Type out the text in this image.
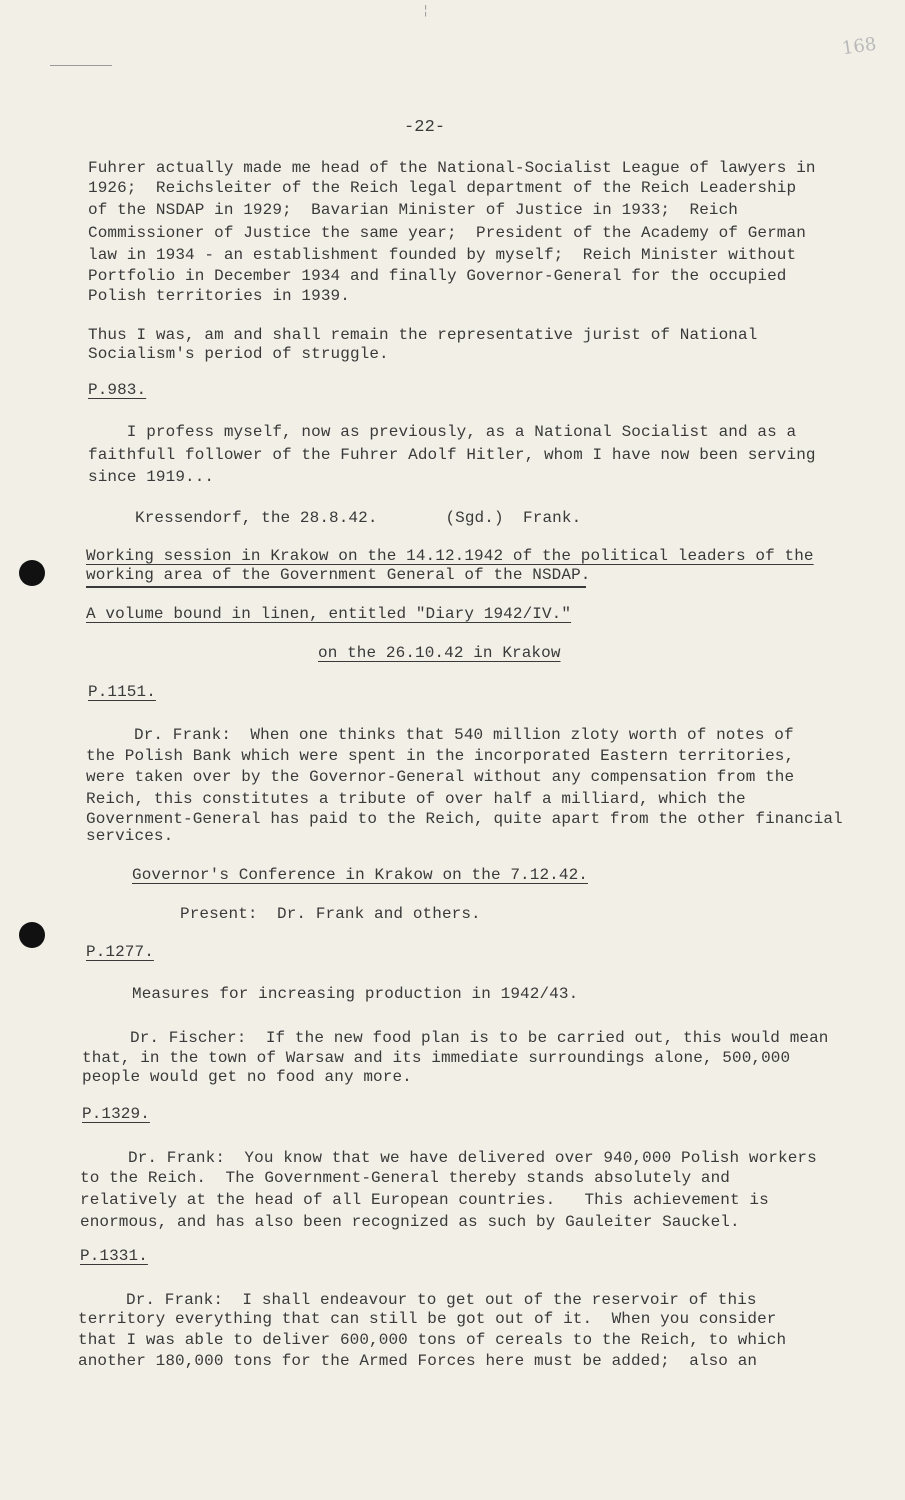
¦
168
-22-
Fuhrer actually made me head of the National-Socialist League of lawyers in
1926;  Reichsleiter of the Reich legal department of the Reich Leadership
of the NSDAP in 1929;  Bavarian Minister of Justice in 1933;  Reich
Commissioner of Justice the same year;  President of the Academy of German
law in 1934 - an establishment founded by myself;  Reich Minister without
Portfolio in December 1934 and finally Governor-General for the occupied
Polish territories in 1939.
Thus I was, am and shall remain the representative jurist of National
Socialism's period of struggle.
P.983.
I profess myself, now as previously, as a National Socialist and as a
faithfull follower of the Fuhrer Adolf Hitler, whom I have now been serving
since 1919...
Kressendorf, the 28.8.42.       (Sgd.)  Frank.
Working session in Krakow on the 14.12.1942 of the political leaders of the
working area of the Government General of the NSDAP.
A volume bound in linen, entitled "Diary 1942/IV."
on the 26.10.42 in Krakow
P.1151.
Dr. Frank:  When one thinks that 540 million zloty worth of notes of
the Polish Bank which were spent in the incorporated Eastern territories,
were taken over by the Governor-General without any compensation from the
Reich, this constitutes a tribute of over half a milliard, which the
Government-General has paid to the Reich, quite apart from the other financial
services.
Governor's Conference in Krakow on the 7.12.42.
Present:  Dr. Frank and others.
P.1277.
Measures for increasing production in 1942/43.
Dr. Fischer:  If the new food plan is to be carried out, this would mean
that, in the town of Warsaw and its immediate surroundings alone, 500,000
people would get no food any more.
P.1329.
Dr. Frank:  You know that we have delivered over 940,000 Polish workers
to the Reich.  The Government-General thereby stands absolutely and
relatively at the head of all European countries.   This achievement is
enormous, and has also been recognized as such by Gauleiter Sauckel.
P.1331.
Dr. Frank:  I shall endeavour to get out of the reservoir of this
territory everything that can still be got out of it.  When you consider
that I was able to deliver 600,000 tons of cereals to the Reich, to which
another 180,000 tons for the Armed Forces here must be added;  also an
